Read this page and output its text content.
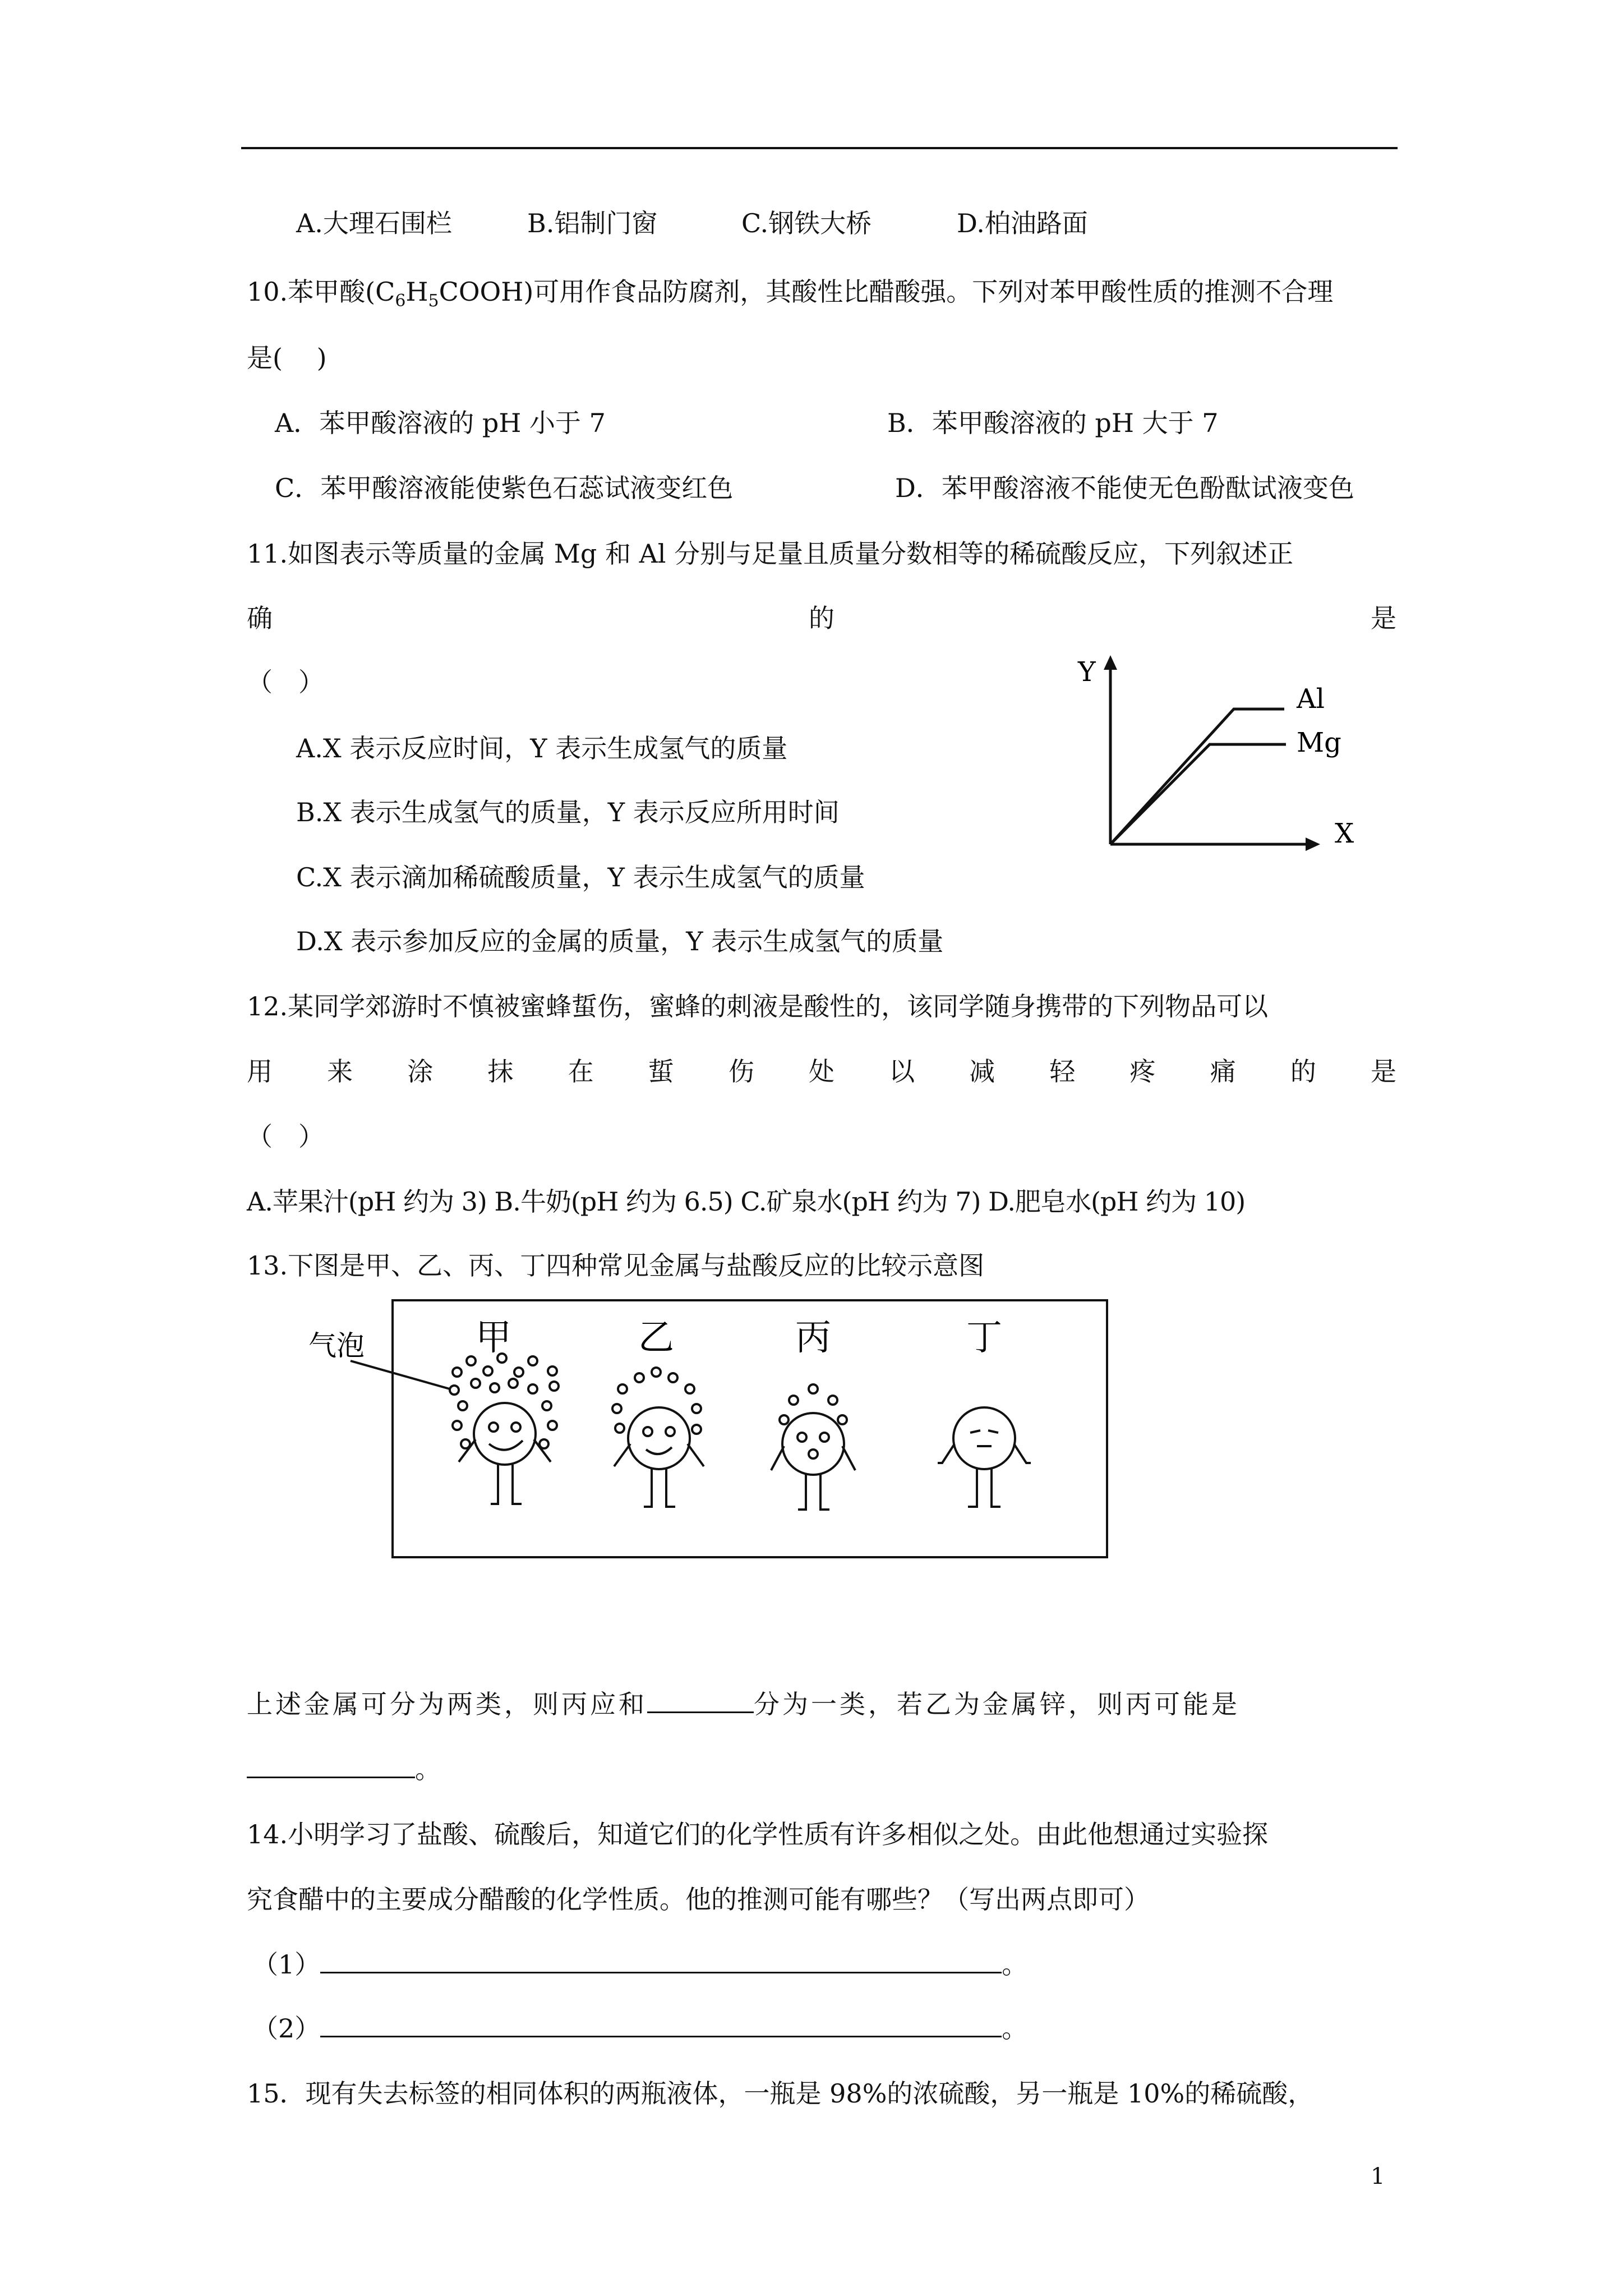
A.大理石围栏	B.铝制门窗	C.钢铁大桥	D.柏油路面
10.苯甲酸$(C_6H_5COOH)$可用作食品防腐剂，其酸性比醋酸强。下列对苯甲酸性质的推测不合理
是(　 )
A．苯甲酸溶液的 pH 小于 7	B．苯甲酸溶液的 pH 大于 7
C．苯甲酸溶液能使紫色石蕊试液变红色	D．苯甲酸溶液不能使无色酚酞试液变色
11.如图表示等质量的金属 Mg 和 Al 分别与足量且质量分数相等的稀硫酸反应，下列叙述正
确	的	是
（　）
A.X 表示反应时间，Y 表示生成氢气的质量
B.X 表示生成氢气的质量，Y 表示反应所用时间
C.X 表示滴加稀硫酸质量，Y 表示生成氢气的质量
D.X 表示参加反应的金属的质量，Y 表示生成氢气的质量
Y
X
Al
Mg
12.某同学郊游时不慎被蜜蜂蜇伤，蜜蜂的刺液是酸性的，该同学随身携带的下列物品可以
用 来 涂 抹 在 蜇 伤 处 以 减 轻 疼 痛 的 是
（　）
A.苹果汁(pH 约为 3) B.牛奶(pH 约为 6.5) C.矿泉水(pH 约为 7) D.肥皂水(pH 约为 10)
13.下图是甲、乙、丙、丁四种常见金属与盐酸反应的比较示意图
甲	乙	丙	丁
气泡
上述金属可分为两类，则丙应和	分为一类，若乙为金属锌，则丙可能是
。
14.小明学习了盐酸、硫酸后，知道它们的化学性质有许多相似之处。由此他想通过实验探
究食醋中的主要成分醋酸的化学性质。他的推测可能有哪些？（写出两点即可）
（1）	。
（2）	。
15．现有失去标签的相同体积的两瓶液体，一瓶是 98%的浓硫酸，另一瓶是 10%的稀硫酸，
1
